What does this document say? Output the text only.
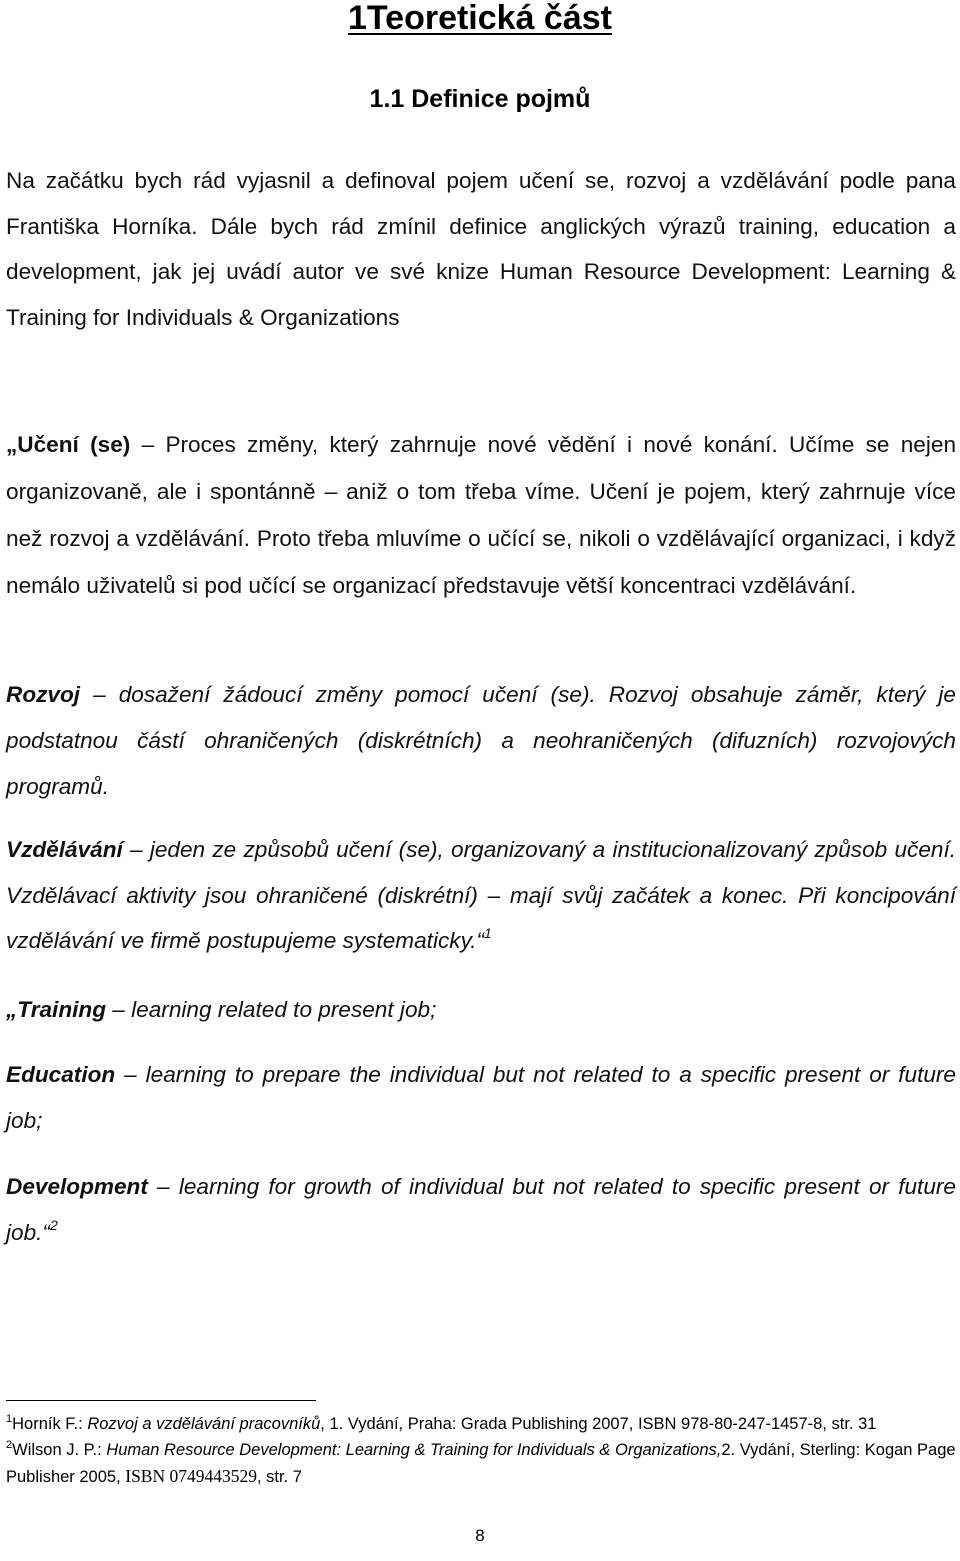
1Teoretická část
1.1 Definice pojmů
Na začátku bych rád vyjasnil a definoval pojem učení se, rozvoj a vzdělávání podle pana Františka Horníka. Dále bych rád zmínil definice anglických výrazů training, education a development, jak jej uvádí autor ve své knize Human Resource Development: Learning & Training for Individuals & Organizations
„Učení (se) – Proces změny, který zahrnuje nové vědění i nové konání. Učíme se nejen organizovaně, ale i spontánně – aniž o tom třeba víme. Učení je pojem, který zahrnuje více než rozvoj a vzdělávání. Proto třeba mluvíme o učící se, nikoli o vzdělávající organizaci, i když nemálo uživatelů si pod učící se organizací představuje větší koncentraci vzdělávání.
Rozvoj – dosažení žádoucí změny pomocí učení (se). Rozvoj obsahuje záměr, který je podstatnou částí ohraničených (diskrétních) a neohraničených (difuzních) rozvojových programů.
Vzdělávání – jeden ze způsobů učení (se), organizovaný a institucionalizovaný způsob učení. Vzdělávací aktivity jsou ohraničené (diskrétní) – mají svůj začátek a konec. Při koncipování vzdělávání ve firmě postupujeme systematicky.“$^1$
„Training – learning related to present job;
Education – learning to prepare the individual but not related to a specific present or future job;
Development – learning for growth of individual but not related to specific present or future job.“$^2$
$^1$Horník F.: Rozvoj a vzdělávání pracovníků, 1. Vydání, Praha: Grada Publishing 2007, ISBN 978-80-247-1457-8, str. 31
$^2$Wilson J. P.: Human Resource Development: Learning & Training for Individuals & Organizations,2. Vydání, Sterling: Kogan Page Publisher 2005, ISBN 0749443529, str. 7
8
